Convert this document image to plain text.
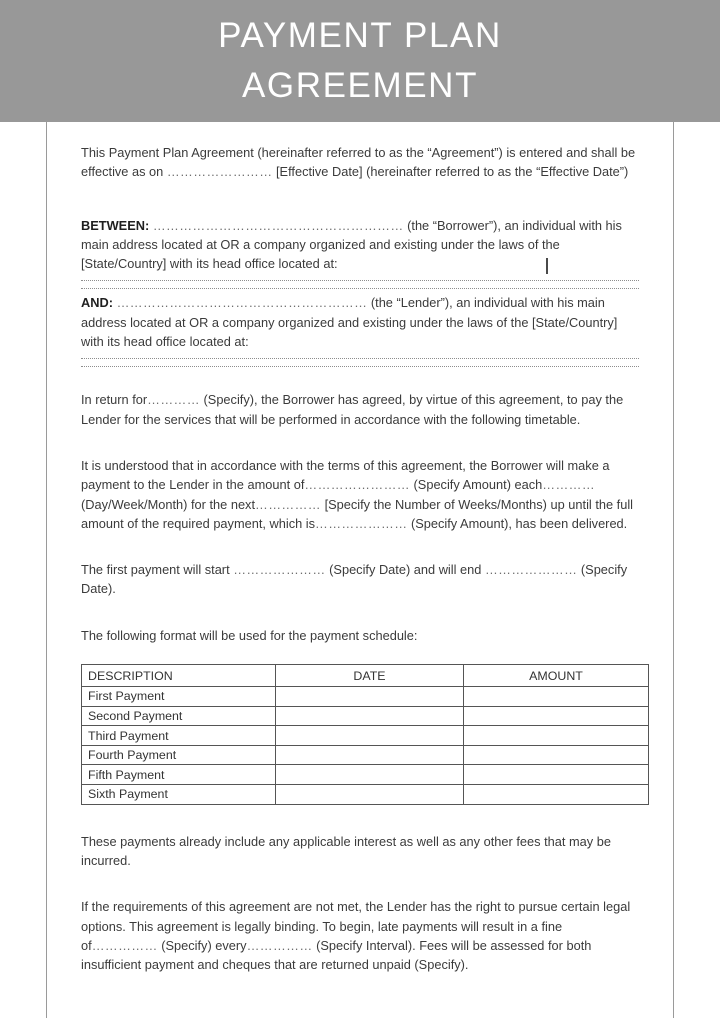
PAYMENT PLAN
AGREEMENT

This Payment Plan Agreement (hereinafter referred to as the “Agreement”) is entered and shall be effective as on …………………… [Effective Date] (hereinafter referred to as the “Effective Date”)

BETWEEN: ………………………………………………… (the “Borrower”), an individual with his main address located at OR a company organized and existing under the laws of the [State/Country] with its head office located at:

AND: ………………………………………………… (the “Lender”), an individual with his main address located at OR a company organized and existing under the laws of the [State/Country] with its head office located at:

In return for………… (Specify), the Borrower has agreed, by virtue of this agreement, to pay the Lender for the services that will be performed in accordance with the following timetable.

It is understood that in accordance with the terms of this agreement, the Borrower will make a payment to the Lender in the amount of…………………… (Specify Amount) each………… (Day/Week/Month) for the next…………… [Specify the Number of Weeks/Months) up until the full amount of the required payment, which is………………… (Specify Amount), has been delivered.

The first payment will start ………………… (Specify Date) and will end ………………… (Specify Date).

The following format will be used for the payment schedule:

DESCRIPTION	DATE	AMOUNT
First Payment		
Second Payment		
Third Payment		
Fourth Payment		
Fifth Payment		
Sixth Payment		

These payments already include any applicable interest as well as any other fees that may be incurred.

If the requirements of this agreement are not met, the Lender has the right to pursue certain legal options. This agreement is legally binding. To begin, late payments will result in a fine of…………… (Specify) every…………… (Specify Interval). Fees will be assessed for both insufficient payment and cheques that are returned unpaid (Specify).
